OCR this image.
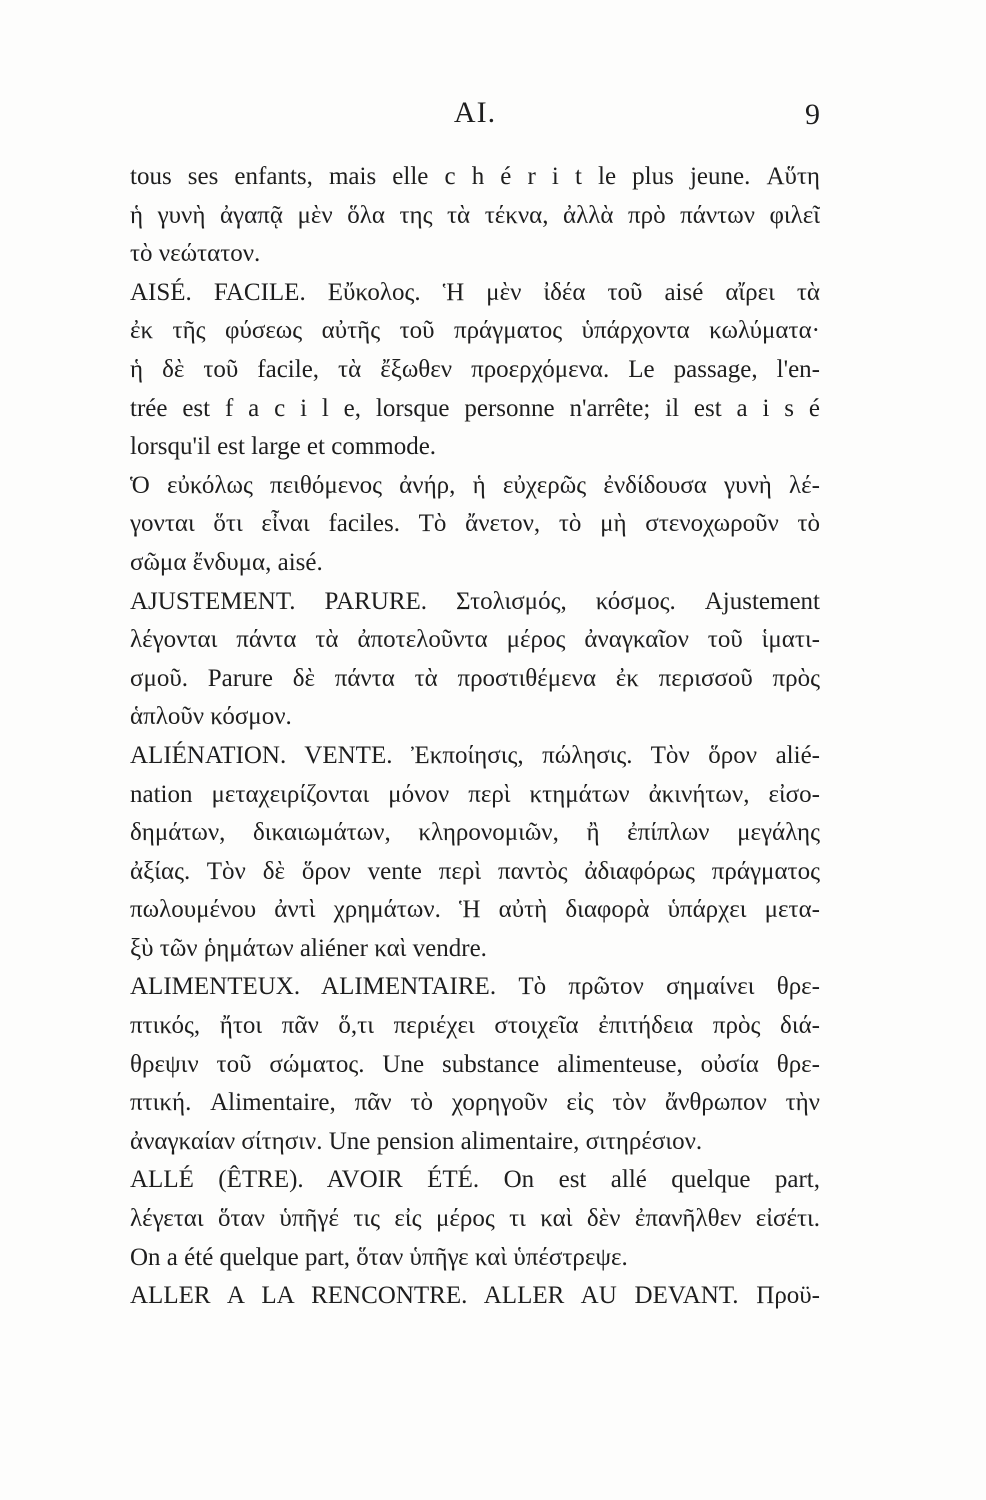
AI.	9
tous ses enfants, mais elle c h é r i t le plus jeune. Αὕτη
ἡ γυνὴ ἀγαπᾷ μὲν ὅλα της τὰ τέκνα, ἀλλὰ πρὸ πάντων φιλεῖ
τὸ νεώτατον.
AISÉ. FACILE. Εὔκολος. Ἡ μὲν ἰδέα τοῦ aisé αἴρει τὰ
ἐκ τῆς φύσεως αὐτῆς τοῦ πράγματος ὑπάρχοντα κωλύματα·
ἡ δὲ τοῦ facile, τὰ ἔξωθεν προερχόμενα. Le passage, l'en-
trée est f a c i l e, lorsque personne n'arrête; il est a i s é
lorsqu'il est large et commode.
Ὁ εὐκόλως πειθόμενος ἀνήρ, ἡ εὐχερῶς ἐνδίδουσα γυνὴ λέ-
γονται ὅτι εἶναι faciles. Τὸ ἄνετον, τὸ μὴ στενοχωροῦν τὸ
σῶμα ἔνδυμα, aisé.
AJUSTEMENT. PARURE. Στολισμός, κόσμος. Ajustement
λέγονται πάντα τὰ ἀποτελοῦντα μέρος ἀναγκαῖον τοῦ ἱματι-
σμοῦ. Parure δὲ πάντα τὰ προστιθέμενα ἐκ περισσοῦ πρὸς
ἁπλοῦν κόσμον.
ALIÉNATION. VENTE. Ἐκποίησις, πώλησις. Τὸν ὅρον alié-
nation μεταχειρίζονται μόνον περὶ κτημάτων ἀκινήτων, εἰσο-
δημάτων, δικαιωμάτων, κληρονομιῶν, ἢ ἐπίπλων μεγάλης
ἀξίας. Τὸν δὲ ὅρον vente περὶ παντὸς ἀδιαφόρως πράγματος
πωλουμένου ἀντὶ χρημάτων. Ἡ αὐτὴ διαφορὰ ὑπάρχει μετα-
ξὺ τῶν ῥημάτων aliéner καὶ vendre.
ALIMENTEUX. ALIMENTAIRE. Τὸ πρῶτον σημαίνει θρε-
πτικός, ἤτοι πᾶν ὅ,τι περιέχει στοιχεῖα ἐπιτήδεια πρὸς διά-
θρεψιν τοῦ σώματος. Une substance alimenteuse, οὐσία θρε-
πτική. Alimentaire, πᾶν τὸ χορηγοῦν εἰς τὸν ἄνθρωπον τὴν
ἀναγκαίαν σίτησιν. Une pension alimentaire, σιτηρέσιον.
ALLÉ (ÊTRE). AVOIR ÉTÉ. On est allé quelque part,
λέγεται ὅταν ὑπῆγέ τις εἰς μέρος τι καὶ δὲν ἐπανῆλθεν εἰσέτι.
On a été quelque part, ὅταν ὑπῆγε καὶ ὑπέστρεψε.
ALLER A LA RENCONTRE. ALLER AU DEVANT. Προϋ-
